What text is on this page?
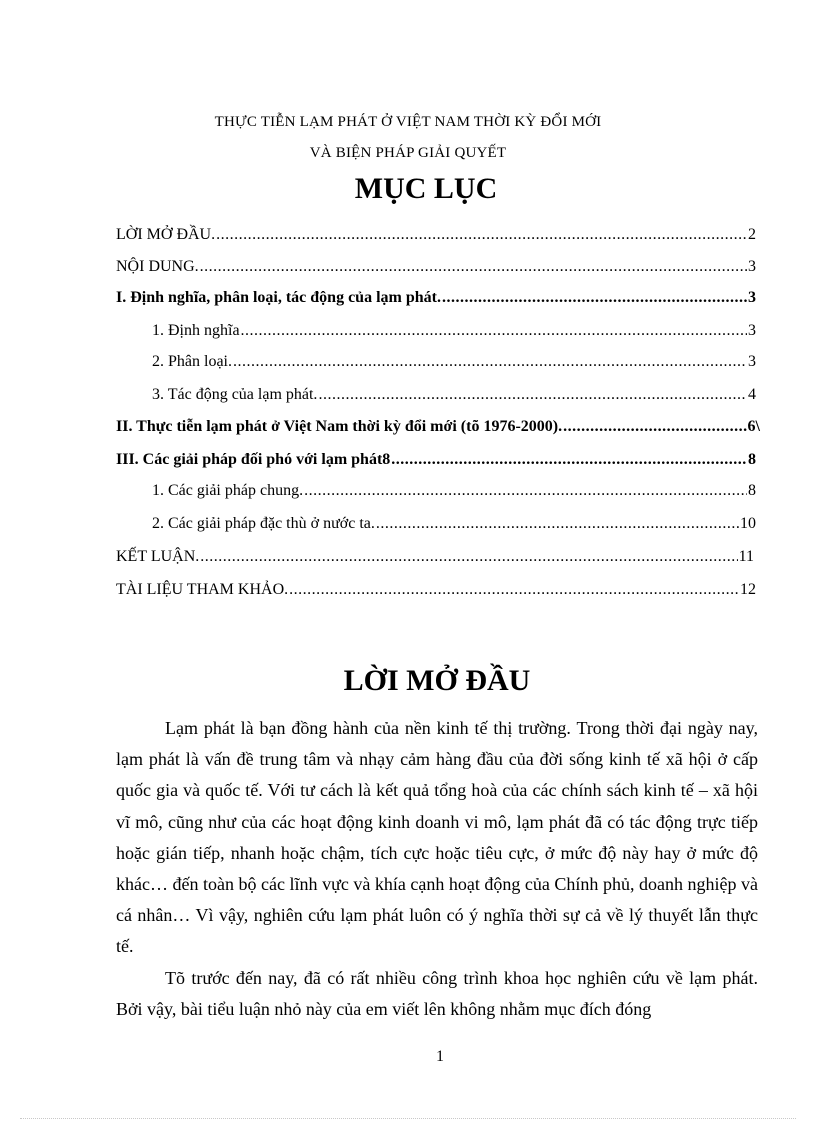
THỰC TIỄN LẠM PHÁT Ở VIỆT NAM THỜI KỲ ĐỔI MỚI
VÀ BIỆN PHÁP GIẢI QUYẾT
MỤC LỤC
LỜI MỞ ĐẦU. .....	2
NỘI DUNG. .....	3
I. Định nghĩa, phân loại, tác động của lạm phát. .....	3
1. Định nghĩa .....	3
2. Phân loại. .....	3
3. Tác động của lạm phát. .....	4
II. Thực tiễn lạm phát ở Việt Nam thời kỳ đổi mới (tõ 1976-2000). .....	6\
III. Các giải pháp đối phó với lạm phát8 .....	8
1. Các giải pháp chung. .....	8
2. Các giải pháp đặc thù ở nước ta. .....	10
KẾT LUẬN. .....	11
TÀI LIỆU THAM KHẢO. .....	12
LỜI MỞ ĐẦU

Lạm phát là bạn đồng hành của nền kinh tế thị trường. Trong thời đại ngày nay, lạm phát là vấn đề trung tâm và nhạy cảm hàng đầu của đời sống kinh tế xã hội ở cấp quốc gia và quốc tế. Với tư cách là kết quả tổng hoà của các chính sách kinh tế – xã hội vĩ mô, cũng như của các hoạt động kinh doanh vi mô, lạm phát đã có tác động trực tiếp hoặc gián tiếp, nhanh hoặc chậm, tích cực hoặc tiêu cực, ở mức độ này hay ở mức độ khác… đến toàn bộ các lĩnh vực và khía cạnh hoạt động của Chính phủ, doanh nghiệp và cá nhân… Vì vậy, nghiên cứu lạm phát luôn có ý nghĩa thời sự cả về lý thuyết lẫn thực tế.

Tõ trước đến nay, đã có rất nhiều công trình khoa học nghiên cứu về lạm phát. Bởi vậy, bài tiểu luận nhỏ này của em viết lên không nhằm mục đích đóng

1
